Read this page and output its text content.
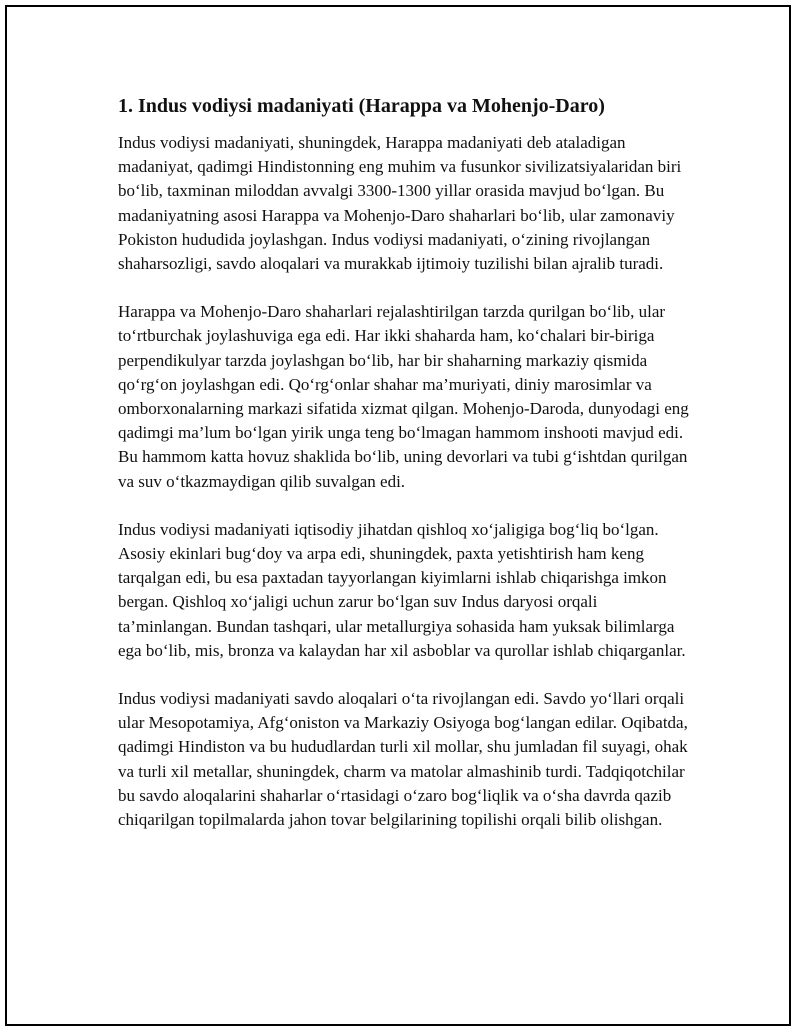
1. Indus vodiysi madaniyati (Harappa va Mohenjo-Daro)

Indus vodiysi madaniyati, shuningdek, Harappa madaniyati deb ataladigan madaniyat, qadimgi Hindistonning eng muhim va fusunkor sivilizatsiyalaridan biri bo‘lib, taxminan miloddan avvalgi 3300-1300 yillar orasida mavjud bo‘lgan. Bu madaniyatning asosi Harappa va Mohenjo-Daro shaharlari bo‘lib, ular zamonaviy Pokiston hududida joylashgan. Indus vodiysi madaniyati, o‘zining rivojlangan shaharsozligi, savdo aloqalari va murakkab ijtimoiy tuzilishi bilan ajralib turadi.

Harappa va Mohenjo-Daro shaharlari rejalashtirilgan tarzda qurilgan bo‘lib, ular to‘rtburchak joylashuviga ega edi. Har ikki shaharda ham, ko‘chalari bir-biriga perpendikulyar tarzda joylashgan bo‘lib, har bir shaharning markaziy qismida qo‘rg‘on joylashgan edi. Qo‘rg‘onlar shahar ma’muriyati, diniy marosimlar va omborxonalarning markazi sifatida xizmat qilgan. Mohenjo-Daroda, dunyodagi eng qadimgi ma’lum bo‘lgan yirik unga teng bo‘lmagan hammom inshooti mavjud edi. Bu hammom katta hovuz shaklida bo‘lib, uning devorlari va tubi g‘ishtdan qurilgan va suv o‘tkazmaydigan qilib suvalgan edi.

Indus vodiysi madaniyati iqtisodiy jihatdan qishloq xo‘jaligiga bog‘liq bo‘lgan. Asosiy ekinlari bug‘doy va arpa edi, shuningdek, paxta yetishtirish ham keng tarqalgan edi, bu esa paxtadan tayyorlangan kiyimlarni ishlab chiqarishga imkon bergan. Qishloq xo‘jaligi uchun zarur bo‘lgan suv Indus daryosi orqali ta’minlangan. Bundan tashqari, ular metallurgiya sohasida ham yuksak bilimlarga ega bo‘lib, mis, bronza va kalaydan har xil asboblar va qurollar ishlab chiqarganlar.

Indus vodiysi madaniyati savdo aloqalari o‘ta rivojlangan edi. Savdo yo‘llari orqali ular Mesopotamiya, Afg‘oniston va Markaziy Osiyoga bog‘langan edilar. Oqibatda, qadimgi Hindiston va bu hududlardan turli xil mollar, shu jumladan fil suyagi, ohak va turli xil metallar, shuningdek, charm va matolar almashinib turdi. Tadqiqotchilar bu savdo aloqalarini shaharlar o‘rtasidagi o‘zaro bog‘liqlik va o‘sha davrda qazib chiqarilgan topilmalarda jahon tovar belgilarining topilishi orqali bilib olishgan.
